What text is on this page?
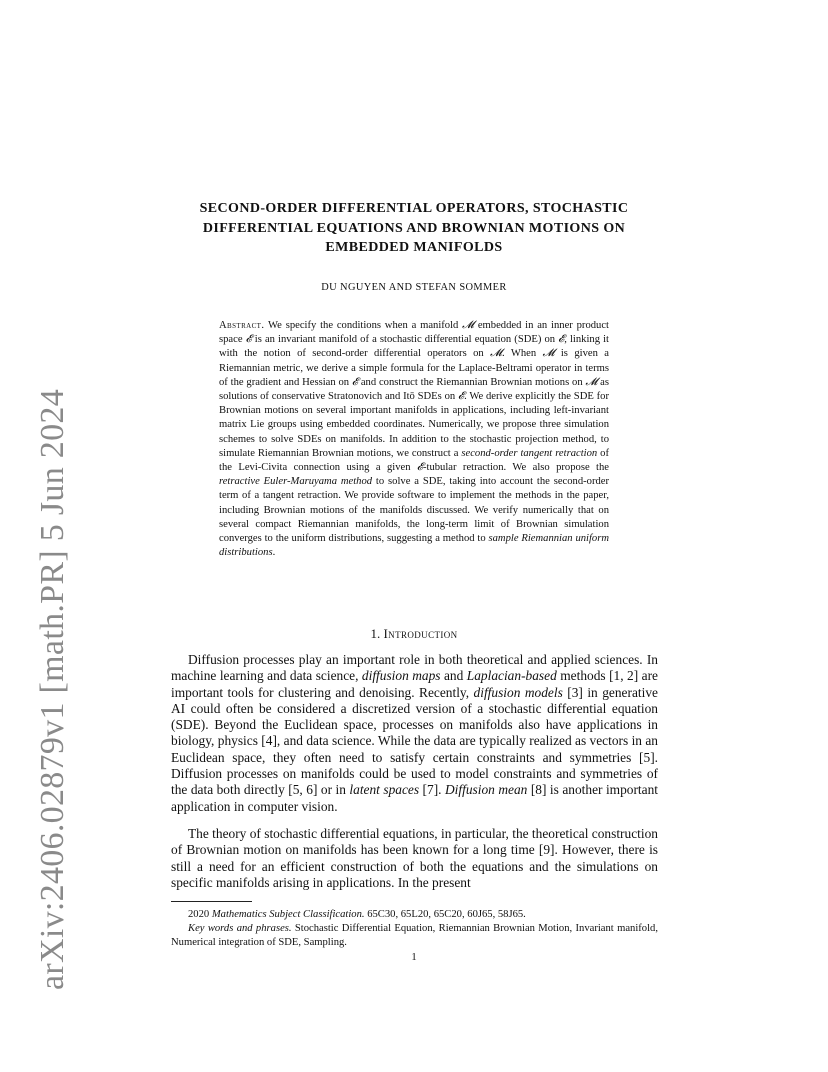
arXiv:2406.02879v1 [math.PR] 5 Jun 2024
SECOND-ORDER DIFFERENTIAL OPERATORS, STOCHASTIC
DIFFERENTIAL EQUATIONS AND BROWNIAN MOTIONS ON
EMBEDDED MANIFOLDS
DU NGUYEN AND STEFAN SOMMER
Abstract. We specify the conditions when a manifold 𝓜 embedded in an inner product space 𝓔 is an invariant manifold of a stochastic differential equation (SDE) on 𝓔, linking it with the notion of second-order differential operators on 𝓜. When 𝓜 is given a Riemannian metric, we derive a simple formula for the Laplace-Beltrami operator in terms of the gradient and Hessian on 𝓔 and construct the Riemannian Brownian motions on 𝓜 as solutions of conservative Stratonovich and Itō SDEs on 𝓔. We derive explicitly the SDE for Brownian motions on several important manifolds in applications, including left-invariant matrix Lie groups using embedded coordinates. Numerically, we propose three simulation schemes to solve SDEs on manifolds. In addition to the stochastic projection method, to simulate Riemannian Brownian motions, we construct a second-order tangent retraction of the Levi-Civita connection using a given 𝓔-tubular retraction. We also propose the retractive Euler-Maruyama method to solve a SDE, taking into account the second-order term of a tangent retraction. We provide software to implement the methods in the paper, including Brownian motions of the manifolds discussed. We verify numerically that on several compact Riemannian manifolds, the long-term limit of Brownian simulation converges to the uniform distributions, suggesting a method to sample Riemannian uniform distributions.
1. Introduction
Diffusion processes play an important role in both theoretical and applied sciences. In machine learning and data science, diffusion maps and Laplacian-based methods [1, 2] are important tools for clustering and denoising. Recently, diffusion models [3] in generative AI could often be considered a discretized version of a stochastic differential equation (SDE). Beyond the Euclidean space, processes on manifolds also have applications in biology, physics [4], and data science. While the data are typically realized as vectors in an Euclidean space, they often need to satisfy certain constraints and symmetries [5]. Diffusion processes on manifolds could be used to model constraints and symmetries of the data both directly [5, 6] or in latent spaces [7]. Diffusion mean [8] is another important application in computer vision.
The theory of stochastic differential equations, in particular, the theoretical construction of Brownian motion on manifolds has been known for a long time [9]. However, there is still a need for an efficient construction of both the equations and the simulations on specific manifolds arising in applications. In the present
2020 Mathematics Subject Classification. 65C30, 65L20, 65C20, 60J65, 58J65.
Key words and phrases. Stochastic Differential Equation, Riemannian Brownian Motion, Invariant manifold, Numerical integration of SDE, Sampling.
1
